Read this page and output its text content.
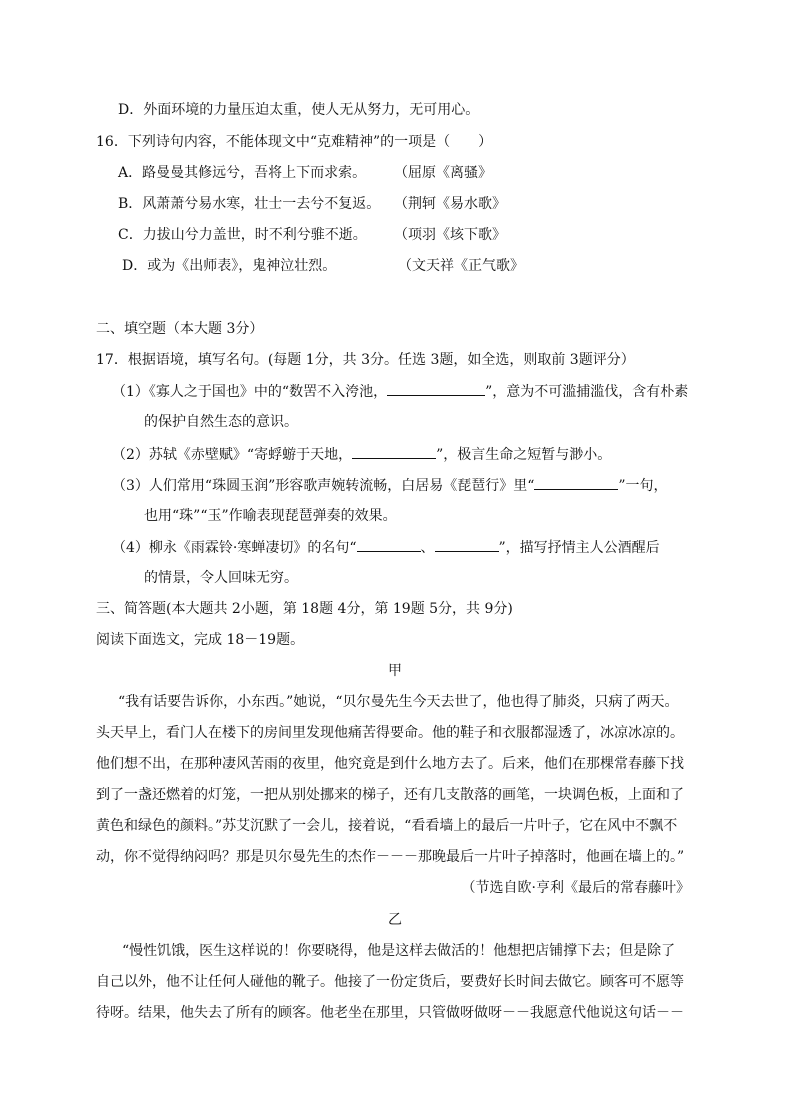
D．外面环境的力量压迫太重，使人无从努力，无可用心。
16．下列诗句内容，不能体现文中“克难精神”的一项是（　　）
A．路曼曼其修远兮，吾将上下而求索。 （屈原《离骚》
B．风萧萧兮易水寒，壮士一去兮不复返。 （荆轲《易水歌》
C．力拔山兮力盖世，时不利兮骓不逝。 （项羽《垓下歌》
D．或为《出师表》，鬼神泣壮烈。	（文天祥《正气歌》
二、填空题（本大题 3分）
17．根据语境，填写名句。(每题 1分，共 3分。任选 3题，如全选，则取前 3题评分）
（1）《寡人之于国也》中的“数罟不入洿池，	”，意为不可滥捕滥伐，含有朴素
的保护自然生态的意识。
（2）苏轼《赤壁赋》“寄蜉蝣于天地，	”，极言生命之短暂与渺小。
（3）人们常用“珠圆玉润”形容歌声婉转流畅，白居易《琵琶行》里“	”一句，
也用“珠”“玉”作喻表现琵琶弹奏的效果。
（4）柳永《雨霖铃·寒蝉凄切》的名句“	、	”，描写抒情主人公酒醒后
的情景，令人回味无穷。
三、简答题(本大题共 2小题，第 18题 4分，第 19题 5分，共 9分)
阅读下面选文，完成 18－19题。
甲
“我有话要告诉你，小东西。”她说，“贝尔曼先生今天去世了，他也得了肺炎，只病了两天。
头天早上，看门人在楼下的房间里发现他痛苦得要命。他的鞋子和衣服都湿透了，冰凉冰凉的。
他们想不出，在那种凄风苦雨的夜里，他究竟是到什么地方去了。后来，他们在那棵常春藤下找
到了一盏还燃着的灯笼，一把从别处挪来的梯子，还有几支散落的画笔，一块调色板，上面和了
黄色和绿色的颜料。”苏艾沉默了一会儿，接着说，“看看墙上的最后一片叶子，它在风中不飘不
动，你不觉得纳闷吗？那是贝尔曼先生的杰作－－－那晚最后一片叶子掉落时，他画在墙上的。”
（节选自欧·亨利《最后的常春藤叶》
乙
“慢性饥饿，医生这样说的！你要晓得，他是这样去做活的！他想把店铺撑下去；但是除了
自己以外，他不让任何人碰他的靴子。他接了一份定货后，要费好长时间去做它。顾客可不愿等
待呀。结果，他失去了所有的顾客。他老坐在那里，只管做呀做呀－－我愿意代他说这句话－－
